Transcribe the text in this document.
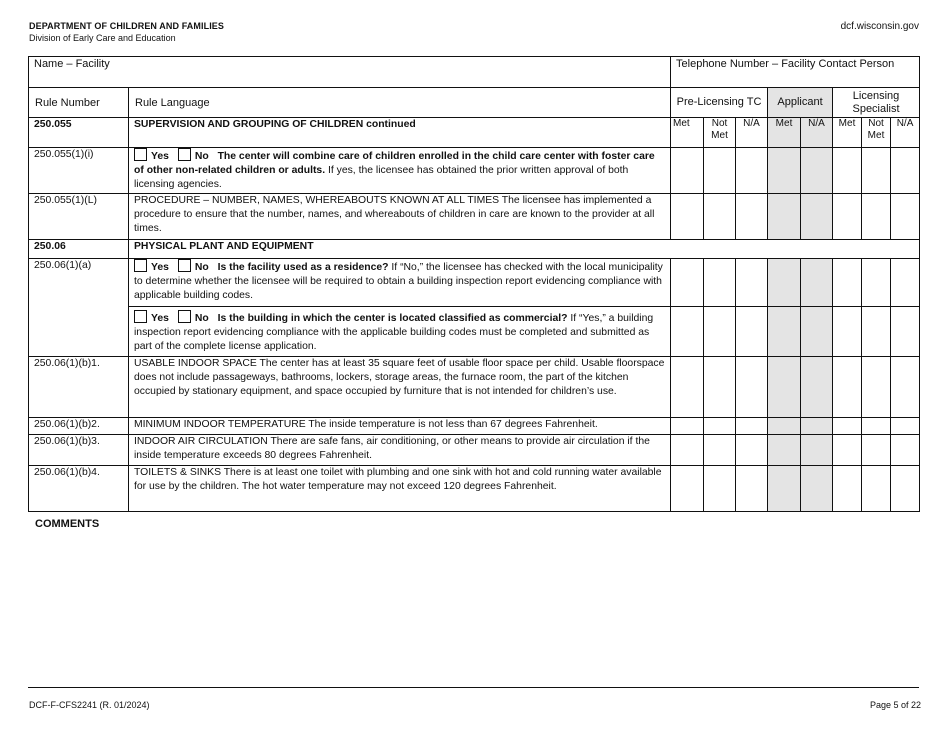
DEPARTMENT OF CHILDREN AND FAMILIES
Division of Early Care and Education
dcf.wisconsin.gov
Name – Facility		Telephone Number – Facility Contact Person							
Rule Number	Rule Language	Pre-Licensing TC			Applicant		Licensing Specialist		

250.055	SUPERVISION AND GROUPING OF CHILDREN continued	Met	Not Met	N/A	Met	N/A	Met	Not Met	N/A
250.055(1)(i)	Yes No The center will combine care of children enrolled in the child care center with foster care of other non-related children or adults. If yes, the licensee has obtained the prior written approval of both licensing agencies.								
250.055(1)(L)	PROCEDURE – NUMBER, NAMES, WHEREABOUTS KNOWN AT ALL TIMES The licensee has implemented a procedure to ensure that the number, names, and whereabouts of children in care are known to the provider at all times.								
250.06	PHYSICAL PLANT AND EQUIPMENT								
250.06(1)(a)	Yes No Is the facility used as a residence? If “No,” the licensee has checked with the local municipality to determine whether the licensee will be required to obtain a building inspection report evidencing compliance with applicable building codes.								
	Yes No Is the building in which the center is located classified as commercial? If “Yes,” a building inspection report evidencing compliance with the applicable building codes must be completed and submitted as part of the complete license application.								
250.06(1)(b)1.	USABLE INDOOR SPACE The center has at least 35 square feet of usable floor space per child. Usable floorspace does not include passageways, bathrooms, lockers, storage areas, the furnace room, the part of the kitchen occupied by stationary equipment, and space occupied by furniture that is not intended for children’s use.								
250.06(1)(b)2.	MINIMUM INDOOR TEMPERATURE The inside temperature is not less than 67 degrees Fahrenheit.								
250.06(1)(b)3.	INDOOR AIR CIRCULATION There are safe fans, air conditioning, or other means to provide air circulation if the inside temperature exceeds 80 degrees Fahrenheit.								
250.06(1)(b)4.	TOILETS & SINKS There is at least one toilet with plumbing and one sink with hot and cold running water available for use by the children. The hot water temperature may not exceed 120 degrees Fahrenheit.								
COMMENTS
DCF-F-CFS2241 (R. 01/2024)	Page 5 of 22
